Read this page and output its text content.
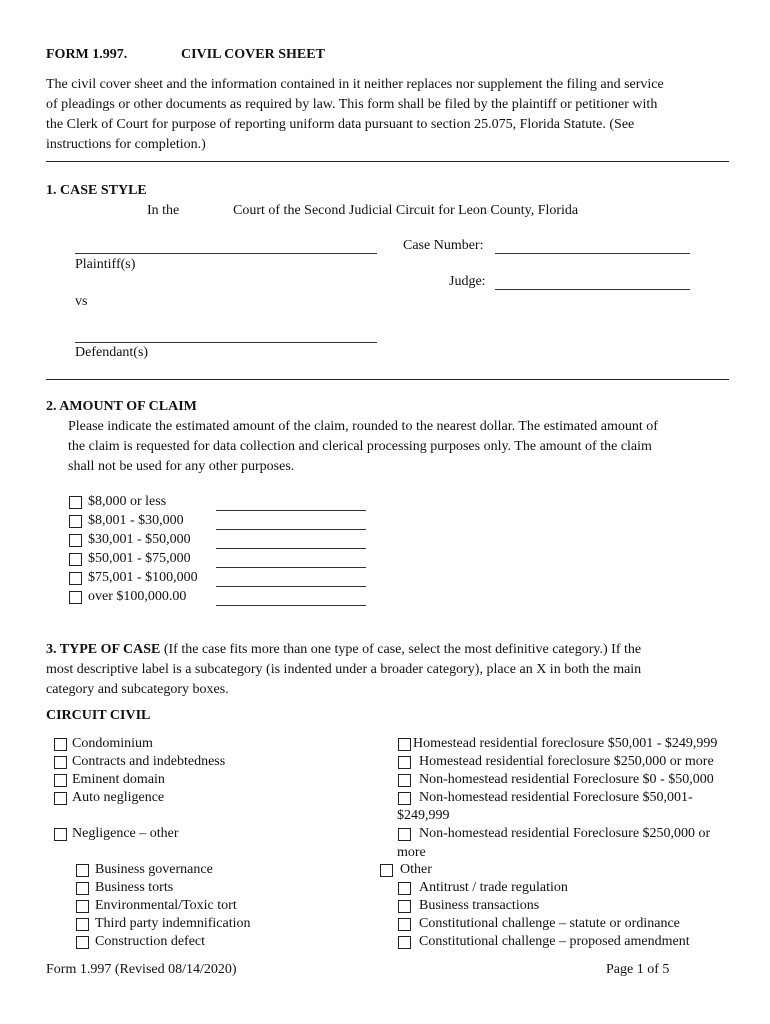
FORM 1.997.	CIVIL COVER SHEET
The civil cover sheet and the information contained in it neither replaces nor supplement the filing and service
of pleadings or other documents as required by law. This form shall be filed by the plaintiff or petitioner with
the Clerk of Court for purpose of reporting uniform data pursuant to section 25.075, Florida Statute. (See
instructions for completion.)
1. CASE STYLE
In the	Court of the Second Judicial Circuit for Leon County, Florida
Case Number:
Plaintiff(s)
Judge:
vs
Defendant(s)
2. AMOUNT OF CLAIM
Please indicate the estimated amount of the claim, rounded to the nearest dollar. The estimated amount of
the claim is requested for data collection and clerical processing purposes only. The amount of the claim
shall not be used for any other purposes.
$8,000 or less
$8,001 - $30,000
$30,001 - $50,000
$50,001 - $75,000
$75,001 - $100,000
over $100,000.00
3. TYPE OF CASE (If the case fits more than one type of case, select the most definitive category.) If the
most descriptive label is a subcategory (is indented under a broader category), place an X in both the main
category and subcategory boxes.
CIRCUIT CIVIL
Condominium
Contracts and indebtedness
Eminent domain
Auto negligence
Negligence – other
Business governance
Business torts
Environmental/Toxic tort
Third party indemnification
Construction defect
Homestead residential foreclosure $50,001 - $249,999
Homestead residential foreclosure $250,000 or more
Non-homestead residential Foreclosure $0 - $50,000
Non-homestead residential Foreclosure $50,001-
$249,999
Non-homestead residential Foreclosure $250,000 or
more
Other
Antitrust / trade regulation
Business transactions
Constitutional challenge – statute or ordinance
Constitutional challenge – proposed amendment
Form 1.997 (Revised 08/14/2020)	Page 1 of 5
